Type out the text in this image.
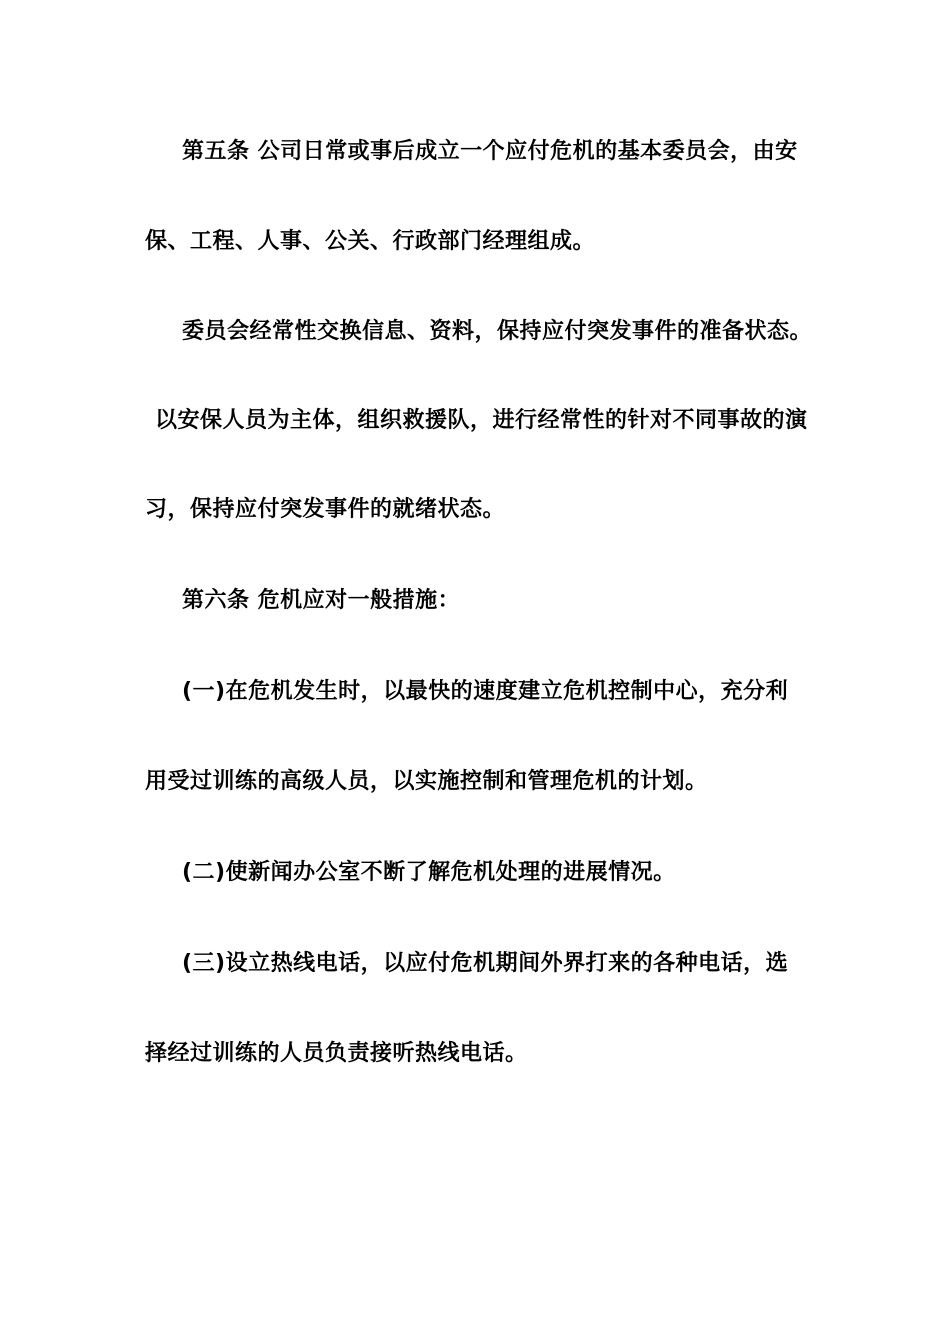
第五条 公司日常或事后成立一个应付危机的基本委员会，由安
保、工程、人事、公关、行政部门经理组成。
委员会经常性交换信息、资料，保持应付突发事件的准备状态。
以安保人员为主体，组织救援队，进行经常性的针对不同事故的演
习，保持应付突发事件的就绪状态。
第六条 危机应对一般措施：
(一)在危机发生时，以最快的速度建立危机控制中心，充分利
用受过训练的高级人员，以实施控制和管理危机的计划。
(二)使新闻办公室不断了解危机处理的进展情况。
(三)设立热线电话，以应付危机期间外界打来的各种电话，选
择经过训练的人员负责接听热线电话。
